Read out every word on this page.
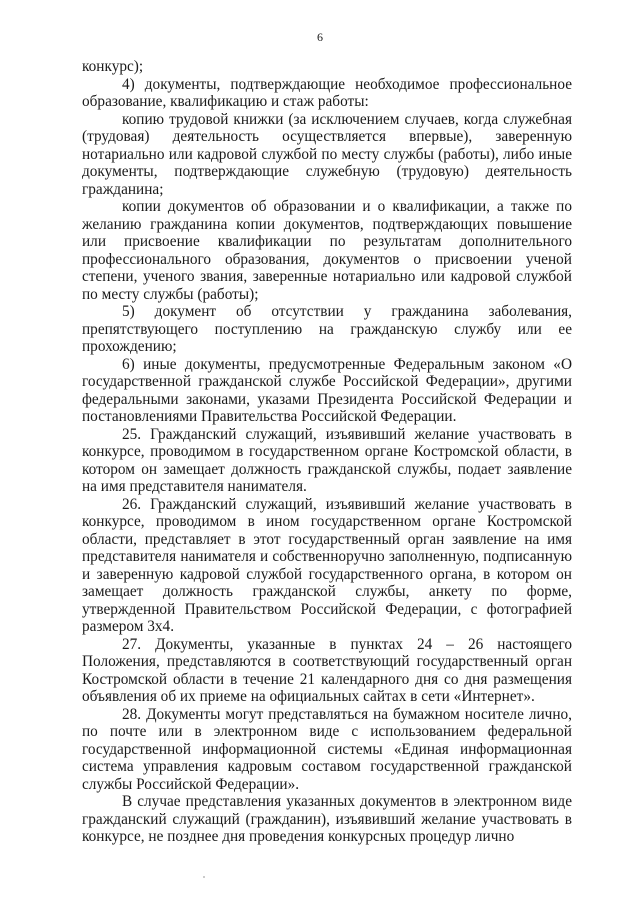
6

конкурс);

4) документы, подтверждающие необходимое профессиональное образование, квалификацию и стаж работы:

копию трудовой книжки (за исключением случаев, когда служебная (трудовая) деятельность осуществляется впервые), заверенную нотариально или кадровой службой по месту службы (работы), либо иные документы, подтверждающие служебную (трудовую) деятельность гражданина;

копии документов об образовании и о квалификации, а также по желанию гражданина копии документов, подтверждающих повышение или присвоение квалификации по результатам дополнительного профессионального образования, документов о присвоении ученой степени, ученого звания, заверенные нотариально или кадровой службой по месту службы (работы);

5) документ об отсутствии у гражданина заболевания, препятствующего поступлению на гражданскую службу или ее прохождению;

6) иные документы, предусмотренные Федеральным законом «О государственной гражданской службе Российской Федерации», другими федеральными законами, указами Президента Российской Федерации и постановлениями Правительства Российской Федерации.

25. Гражданский служащий, изъявивший желание участвовать в конкурсе, проводимом в государственном органе Костромской области, в котором он замещает должность гражданской службы, подает заявление на имя представителя нанимателя.

26. Гражданский служащий, изъявивший желание участвовать в конкурсе, проводимом в ином государственном органе Костромской области, представляет в этот государственный орган заявление на имя представителя нанимателя и собственноручно заполненную, подписанную и заверенную кадровой службой государственного органа, в котором он замещает должность гражданской службы, анкету по форме, утвержденной Правительством Российской Федерации, с фотографией размером 3х4.

27. Документы, указанные в пунктах 24 – 26 настоящего Положения, представляются в соответствующий государственный орган Костромской области в течение 21 календарного дня со дня размещения объявления об их приеме на официальных сайтах в сети «Интернет».

28. Документы могут представляться на бумажном носителе лично, по почте или в электронном виде с использованием федеральной государственной информационной системы «Единая информационная система управления кадровым составом государственной гражданской службы Российской Федерации».

В случае представления указанных документов в электронном виде гражданский служащий (гражданин), изъявивший желание участвовать в конкурсе, не позднее дня проведения конкурсных процедур лично
